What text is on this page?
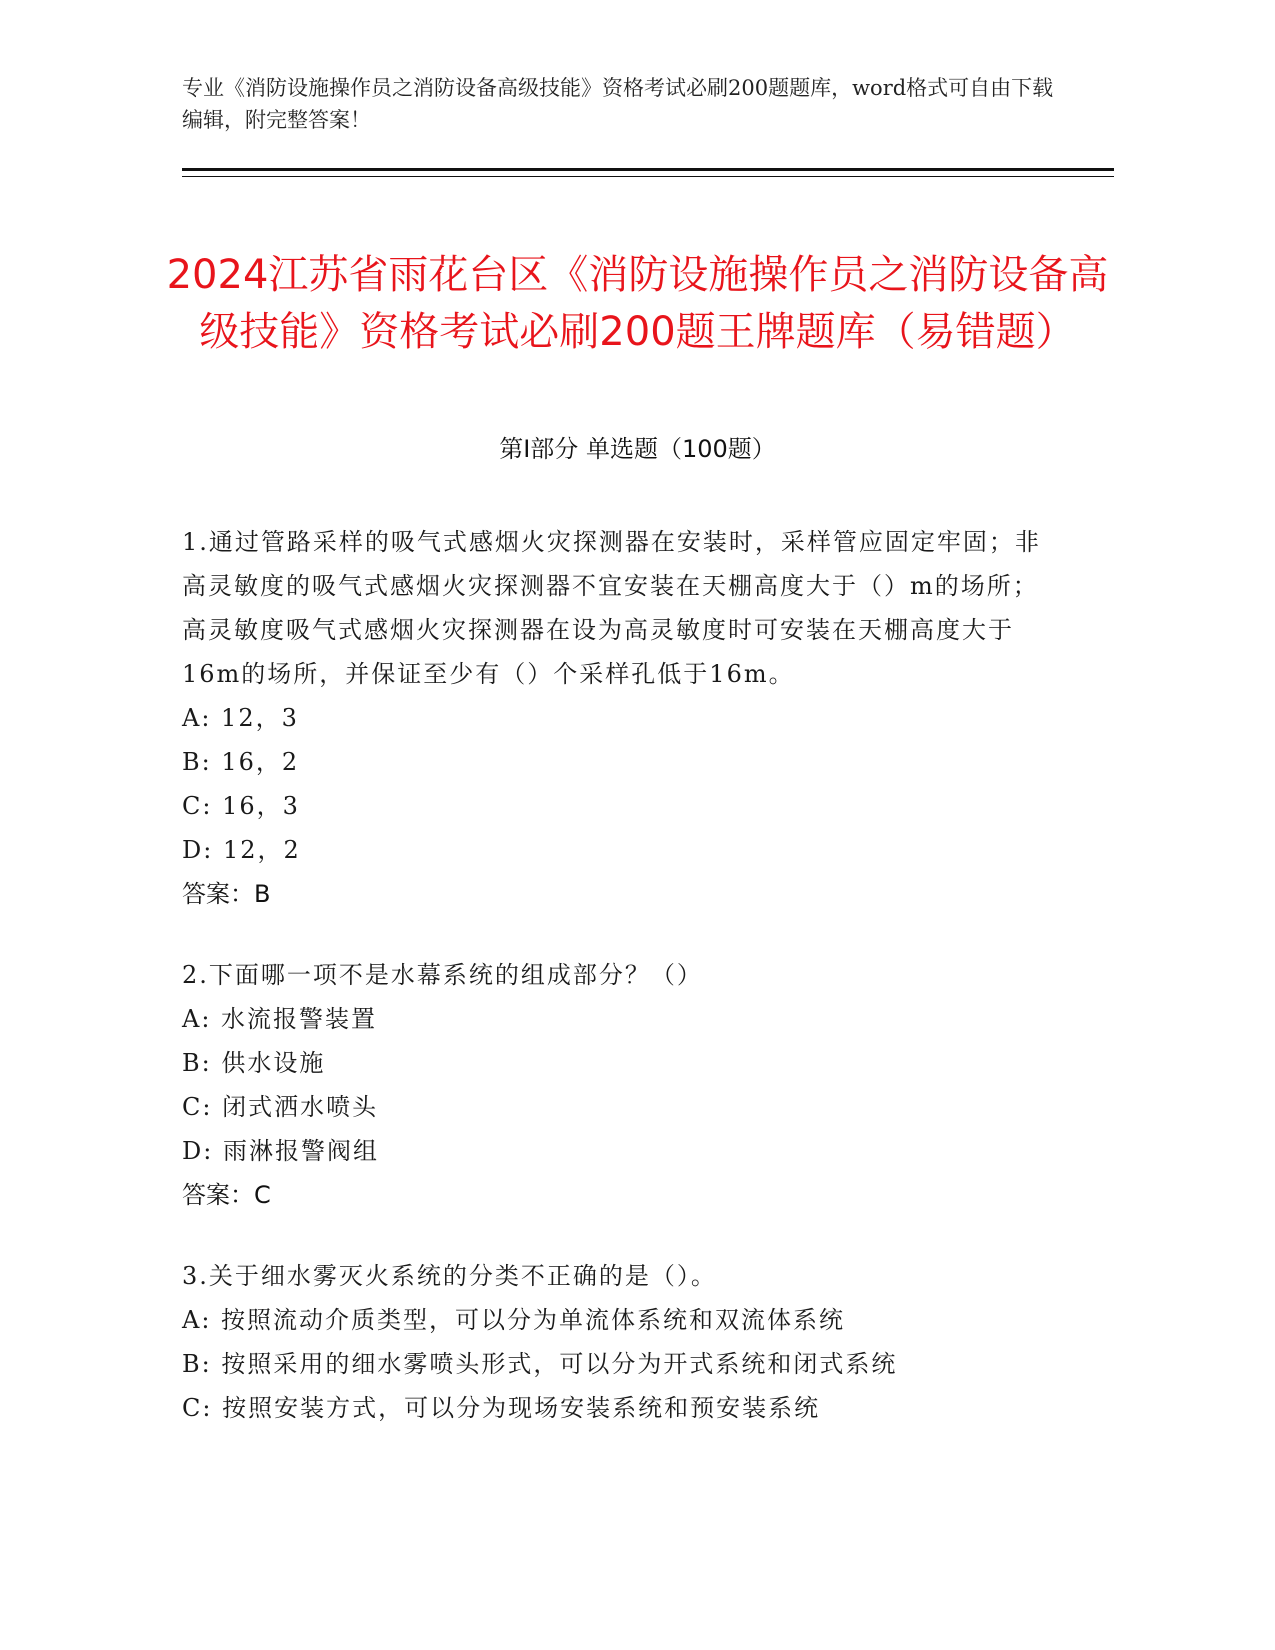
专业《消防设施操作员之消防设备高级技能》资格考试必刷200题题库，word格式可自由下载编辑，附完整答案！
2024江苏省雨花台区《消防设施操作员之消防设备高级技能》资格考试必刷200题王牌题库（易错题）
第Ⅰ部分 单选题（100题）

1.通过管路采样的吸气式感烟火灾探测器在安装时，采样管应固定牢固；非高灵敏度的吸气式感烟火灾探测器不宜安装在天棚高度大于（）m的场所；高灵敏度吸气式感烟火灾探测器在设为高灵敏度时可安装在天棚高度大于16m的场所，并保证至少有（）个采样孔低于16m。

A: 12，3

B: 16，2

C: 16，3

D: 12，2

答案：B

2.下面哪一项不是水幕系统的组成部分？（）

A: 水流报警装置

B: 供水设施

C: 闭式洒水喷头

D: 雨淋报警阀组

答案：C

3.关于细水雾灭火系统的分类不正确的是（）。

A: 按照流动介质类型，可以分为单流体系统和双流体系统

B: 按照采用的细水雾喷头形式，可以分为开式系统和闭式系统

C: 按照安装方式，可以分为现场安装系统和预安装系统
